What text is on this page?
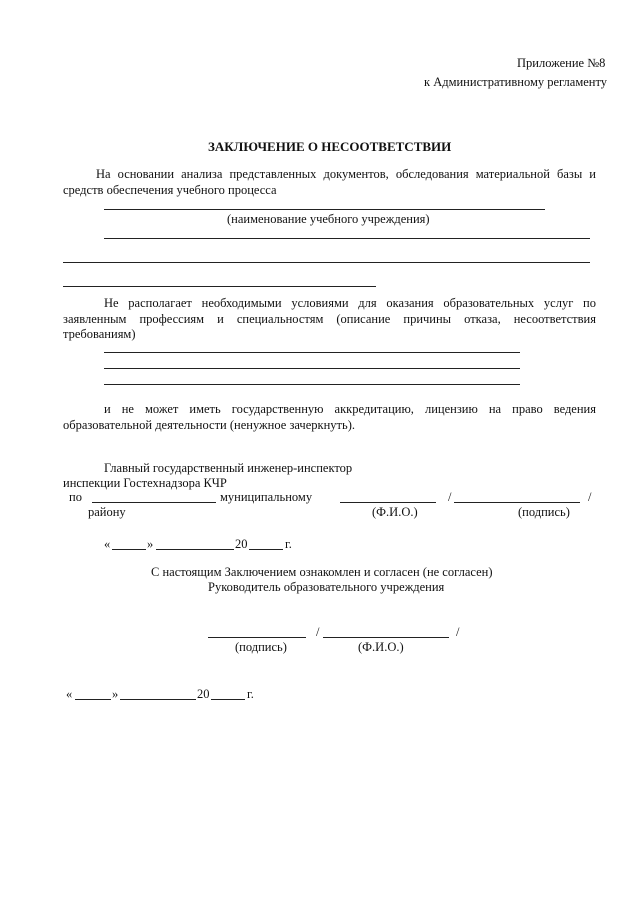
Приложение №8
к Административному регламенту
ЗАКЛЮЧЕНИЕ О НЕСООТВЕТСТВИИ
На основании анализа представленных документов, обследования материальной базы и
средств обеспечения учебного процесса
(наименование учебного учреждения)
Не располагает необходимыми условиями для оказания образовательных услуг по
заявленным профессиям и специальностям (описание причины отказа, несоответствия
требованиям)
и не может иметь государственную аккредитацию, лицензию на право ведения
образовательной деятельности (ненужное зачеркнуть).
Главный государственный инженер-инспектор
инспекции Гостехнадзора КЧР
по	муниципальному	/	/
району	(Ф.И.О.)	(подпись)
«	»	20	г.
С настоящим Заключением ознакомлен и согласен (не согласен)
Руководитель образовательного учреждения
/	/
(подпись)	(Ф.И.О.)
«	»	20	г.
